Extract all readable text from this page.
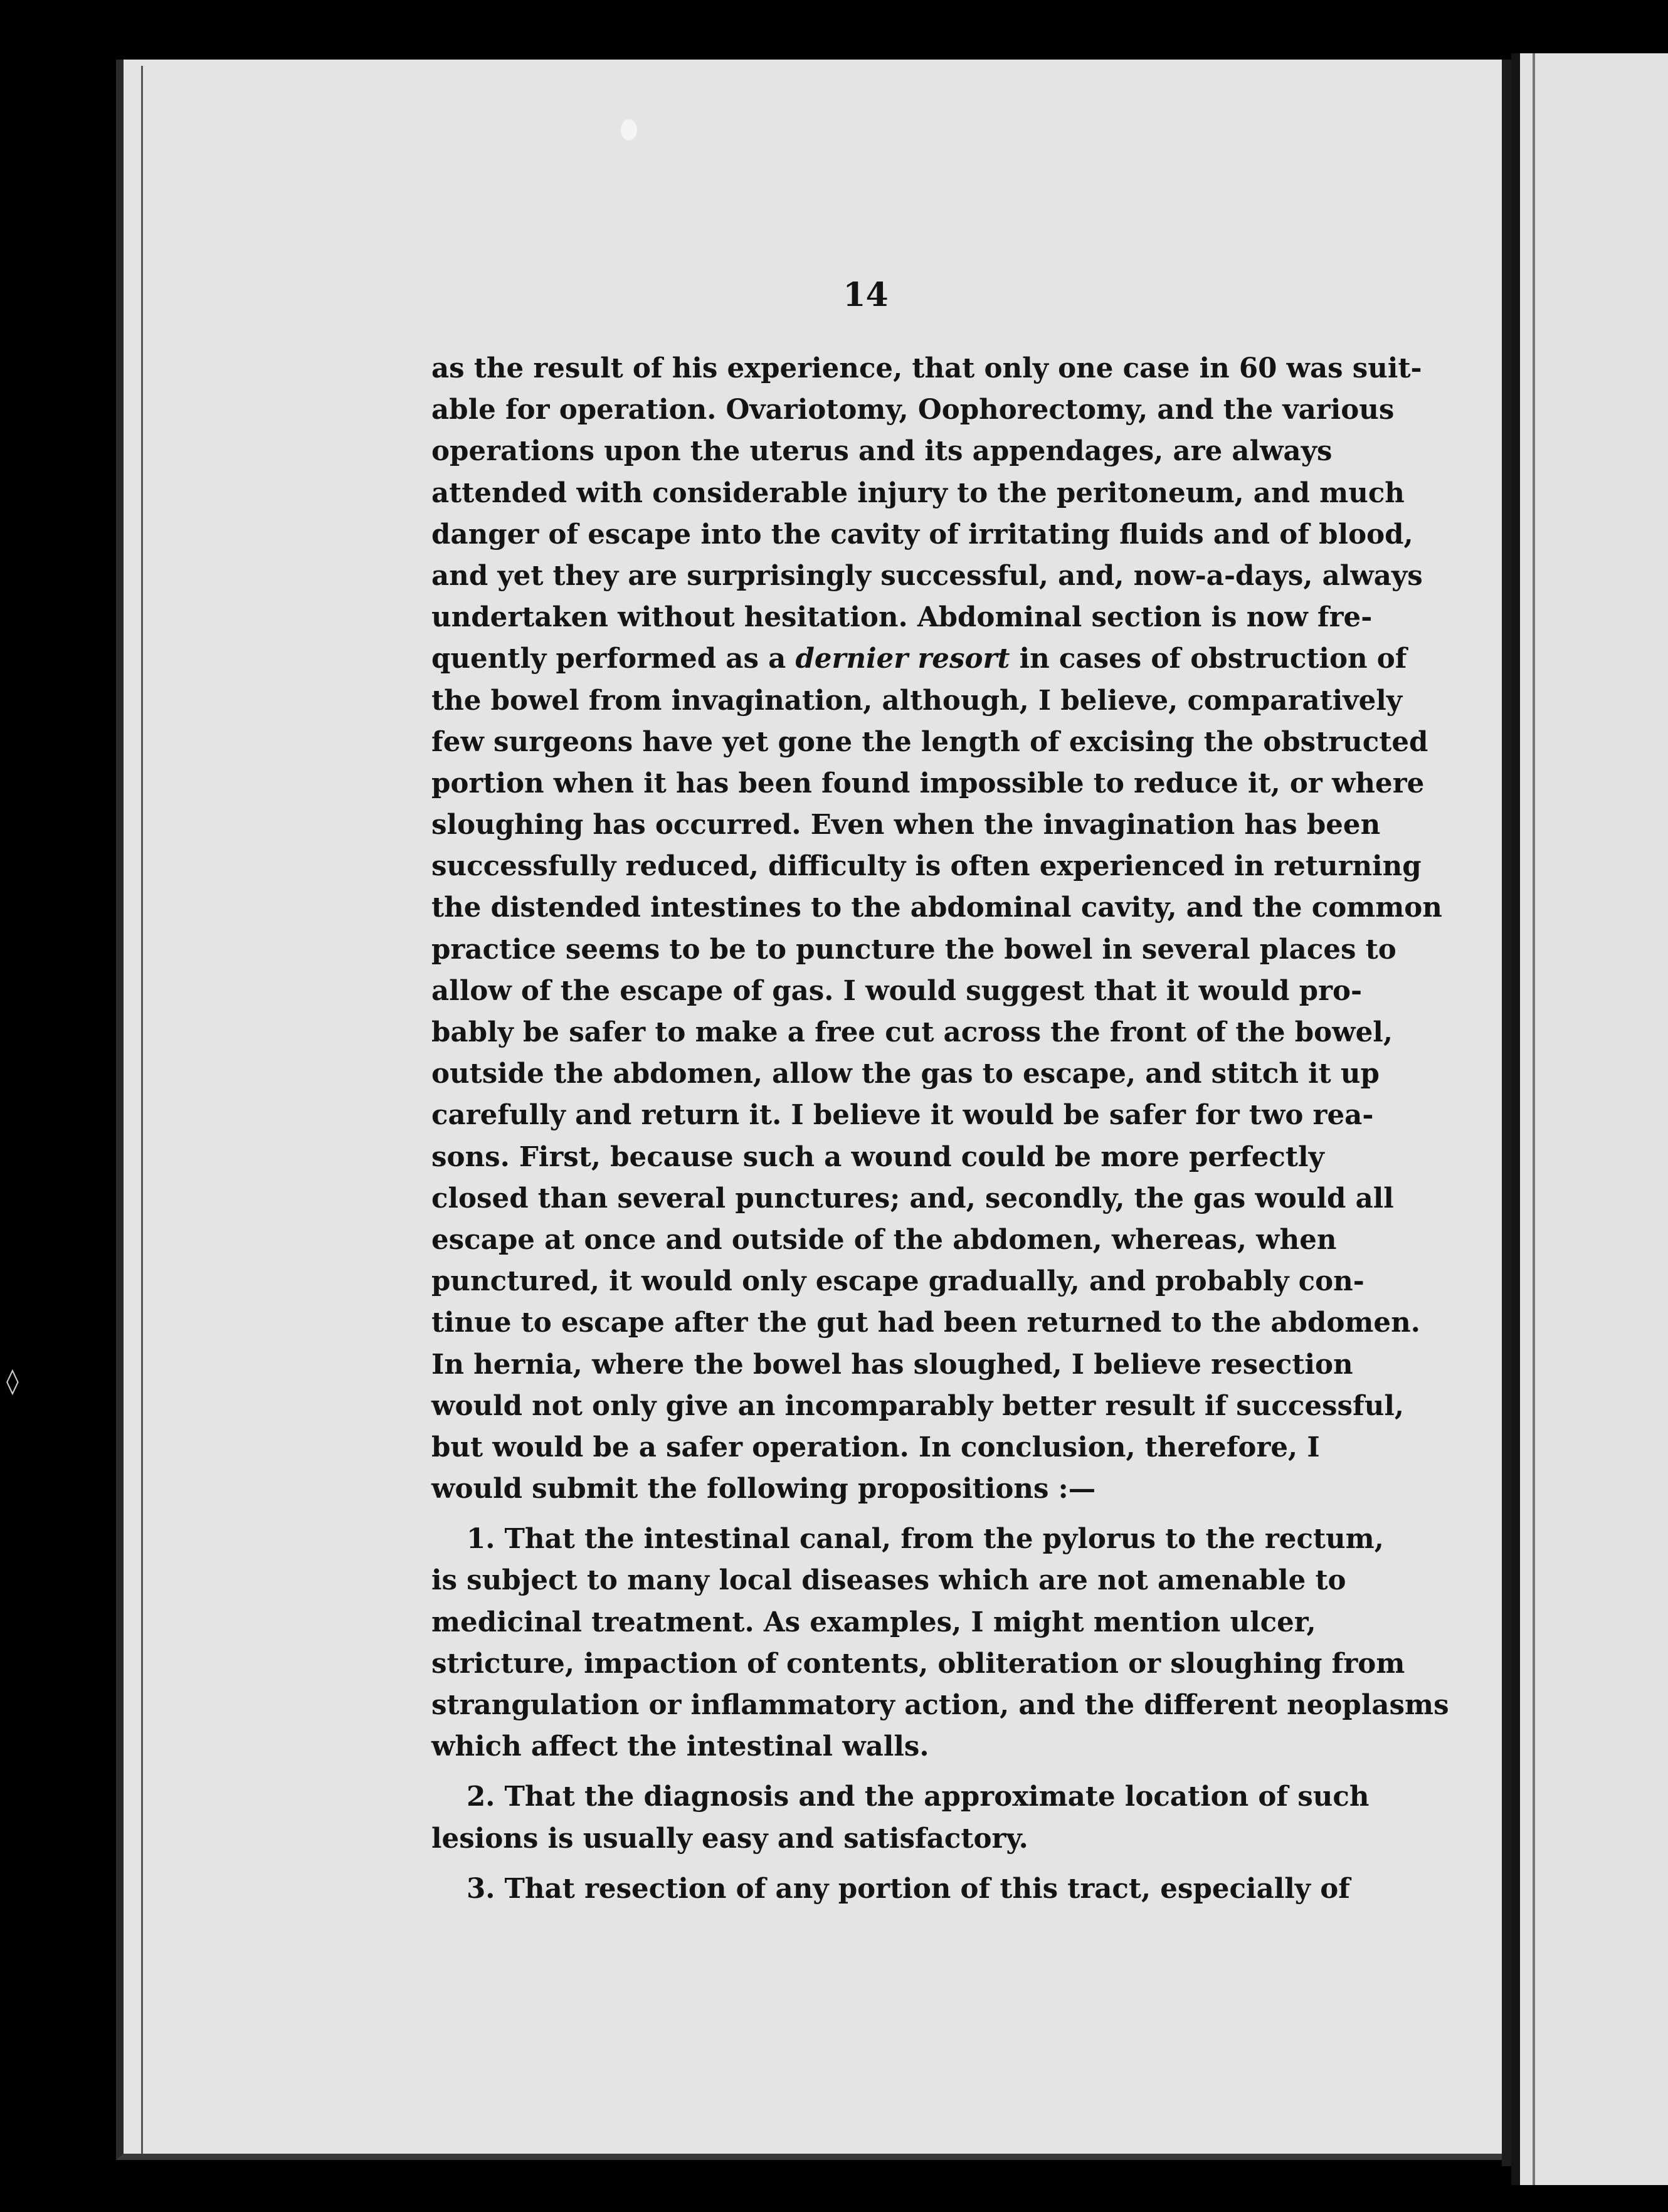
◊
14
as the result of his experience, that only one case in 60 was suit-
able for operation. Ovariotomy, Oophorectomy, and the various
operations upon the uterus and its appendages, are always
attended with considerable injury to the peritoneum, and much
danger of escape into the cavity of irritating fluids and of blood,
and yet they are surprisingly successful, and, now-a-days, always
undertaken without hesitation. Abdominal section is now fre-
quently performed as a dernier resort in cases of obstruction of
the bowel from invagination, although, I believe, comparatively
few surgeons have yet gone the length of excising the obstructed
portion when it has been found impossible to reduce it, or where
sloughing has occurred. Even when the invagination has been
successfully reduced, difficulty is often experienced in returning
the distended intestines to the abdominal cavity, and the common
practice seems to be to puncture the bowel in several places to
allow of the escape of gas. I would suggest that it would pro-
bably be safer to make a free cut across the front of the bowel,
outside the abdomen, allow the gas to escape, and stitch it up
carefully and return it. I believe it would be safer for two rea-
sons. First, because such a wound could be more perfectly
closed than several punctures; and, secondly, the gas would all
escape at once and outside of the abdomen, whereas, when
punctured, it would only escape gradually, and probably con-
tinue to escape after the gut had been returned to the abdomen.
In hernia, where the bowel has sloughed, I believe resection
would not only give an incomparably better result if successful,
but would be a safer operation. In conclusion, therefore, I
would submit the following propositions :—
1. That the intestinal canal, from the pylorus to the rectum,
is subject to many local diseases which are not amenable to
medicinal treatment. As examples, I might mention ulcer,
stricture, impaction of contents, obliteration or sloughing from
strangulation or inflammatory action, and the different neoplasms
which affect the intestinal walls.
2. That the diagnosis and the approximate location of such
lesions is usually easy and satisfactory.
3. That resection of any portion of this tract, especially of
